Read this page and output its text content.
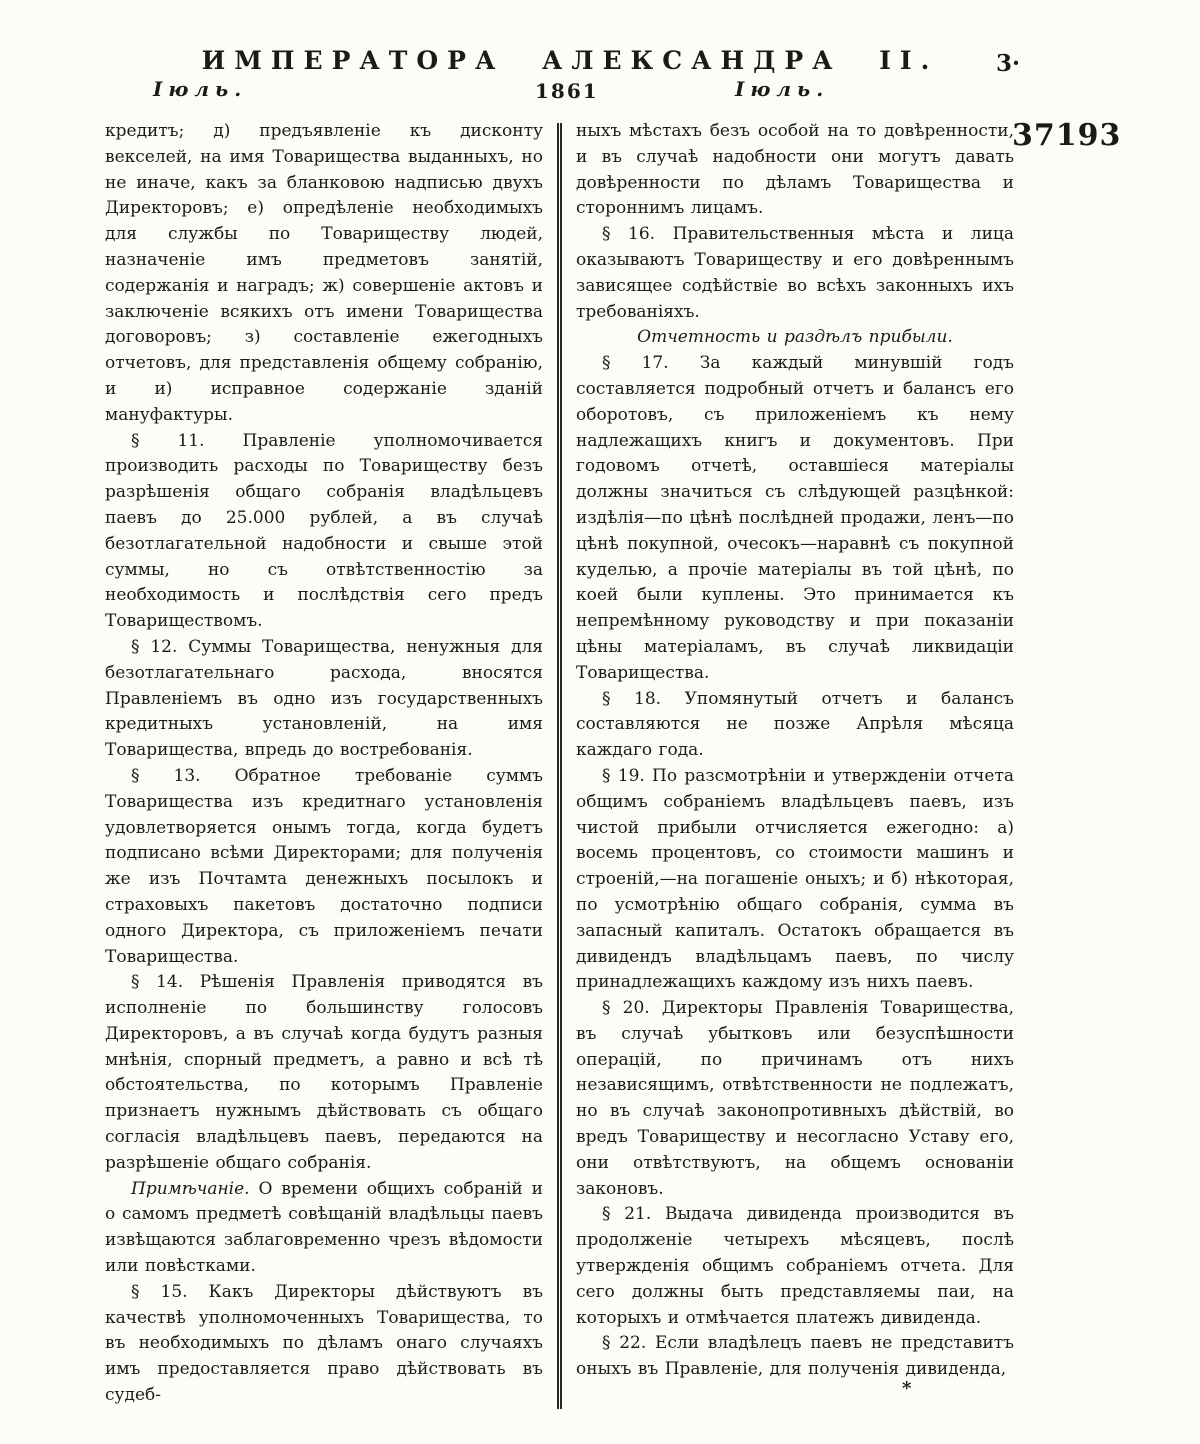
ИМПЕРАТОРА АЛЕКСАНДРА II.	3·
Іюль.	1861	Іюль.
37193

кредитъ; д) предъявленіе къ дисконту векселей, на имя Товарищества выданныхъ, но не иначе, какъ за бланковою надписью двухъ Директоровъ; е) опредѣленіе необходимыхъ для службы по Товариществу людей, назначеніе имъ предметовъ занятій, содержанія и наградъ; ж) совершеніе актовъ и заключеніе всякихъ отъ имени Товарищества договоровъ; з) составленіе ежегодныхъ отчетовъ, для представленія общему собранію, и и) исправное содержаніе зданій мануфактуры.

§ 11. Правленіе уполномочивается производить расходы по Товариществу безъ разрѣшенія общаго собранія владѣльцевъ паевъ до 25.000 рублей, а въ случаѣ безотлагательной надобности и свыше этой суммы, но съ отвѣтственностію за необходимость и послѣдствія сего предъ Товариществомъ.

§ 12. Суммы Товарищества, ненужныя для безотлагательнаго расхода, вносятся Правленіемъ въ одно изъ государственныхъ кредитныхъ установленій, на имя Товарищества, впредь до востребованія.

§ 13. Обратное требованіе суммъ Товарищества изъ кредитнаго установленія удовлетворяется онымъ тогда, когда будетъ подписано всѣми Директорами; для полученія же изъ Почтамта денежныхъ посылокъ и страховыхъ пакетовъ достаточно подписи одного Директора, съ приложеніемъ печати Товарищества.

§ 14. Рѣшенія Правленія приводятся въ исполненіе по большинству голосовъ Директоровъ, а въ случаѣ когда будутъ разныя мнѣнія, спорный предметъ, а равно и всѣ тѣ обстоятельства, по которымъ Правленіе признаетъ нужнымъ дѣйствовать съ общаго согласія владѣльцевъ паевъ, передаются на разрѣшеніе общаго собранія.

Примѣчаніе. О времени общихъ собраній и о самомъ предметѣ совѣщаній владѣльцы паевъ извѣщаются заблаговременно чрезъ вѣдомости или повѣстками.

§ 15. Какъ Директоры дѣйствуютъ въ качествѣ уполномоченныхъ Товарищества, то въ необходимыхъ по дѣламъ онаго случаяхъ имъ предоставляется право дѣйствовать въ судеб-

ныхъ мѣстахъ безъ особой на то довѣренности, и въ случаѣ надобности они могутъ давать довѣренности по дѣламъ Товарищества и стороннимъ лицамъ.

§ 16. Правительственныя мѣста и лица оказываютъ Товариществу и его довѣреннымъ зависящее содѣйствіе во всѣхъ законныхъ ихъ требованіяхъ.

Отчетность и раздѣлъ прибыли.

§ 17. За каждый минувшій годъ составляется подробный отчетъ и балансъ его оборотовъ, съ приложеніемъ къ нему надлежащихъ книгъ и документовъ. При годовомъ отчетѣ, оставшіеся матеріалы должны значиться съ слѣдующей разцѣнкой: издѣлія—по цѣнѣ послѣдней продажи, ленъ—по цѣнѣ покупной, очесокъ—наравнѣ съ покупной куделью, а прочіе матеріалы въ той цѣнѣ, по коей были куплены. Это принимается къ непремѣнному руководству и при показаніи цѣны матеріаламъ, въ случаѣ ликвидаціи Товарищества.

§ 18. Упомянутый отчетъ и балансъ составляются не позже Апрѣля мѣсяца каждаго года.

§ 19. По разсмотрѣніи и утвержденіи отчета общимъ собраніемъ владѣльцевъ паевъ, изъ чистой прибыли отчисляется ежегодно: а) восемь процентовъ, со стоимости машинъ и строеній,—на погашеніе оныхъ; и б) нѣкоторая, по усмотрѣнію общаго собранія, сумма въ запасный капиталъ. Остатокъ обращается въ дивидендъ владѣльцамъ паевъ, по числу принадлежащихъ каждому изъ нихъ паевъ.

§ 20. Директоры Правленія Товарищества, въ случаѣ убытковъ или безуспѣшности операцій, по причинамъ отъ нихъ независящимъ, отвѣтственности не подлежатъ, но въ случаѣ законопротивныхъ дѣйствій, во вредъ Товариществу и несогласно Уставу его, они отвѣтствуютъ, на общемъ основаніи законовъ.

§ 21. Выдача дивиденда производится въ продолженіе четырехъ мѣсяцевъ, послѣ утвержденія общимъ собраніемъ отчета. Для сего должны быть представляемы паи, на которыхъ и отмѣчается платежъ дивиденда.

§ 22. Если владѣлецъ паевъ не представитъ оныхъ въ Правленіе, для полученія дивиденда,

*
